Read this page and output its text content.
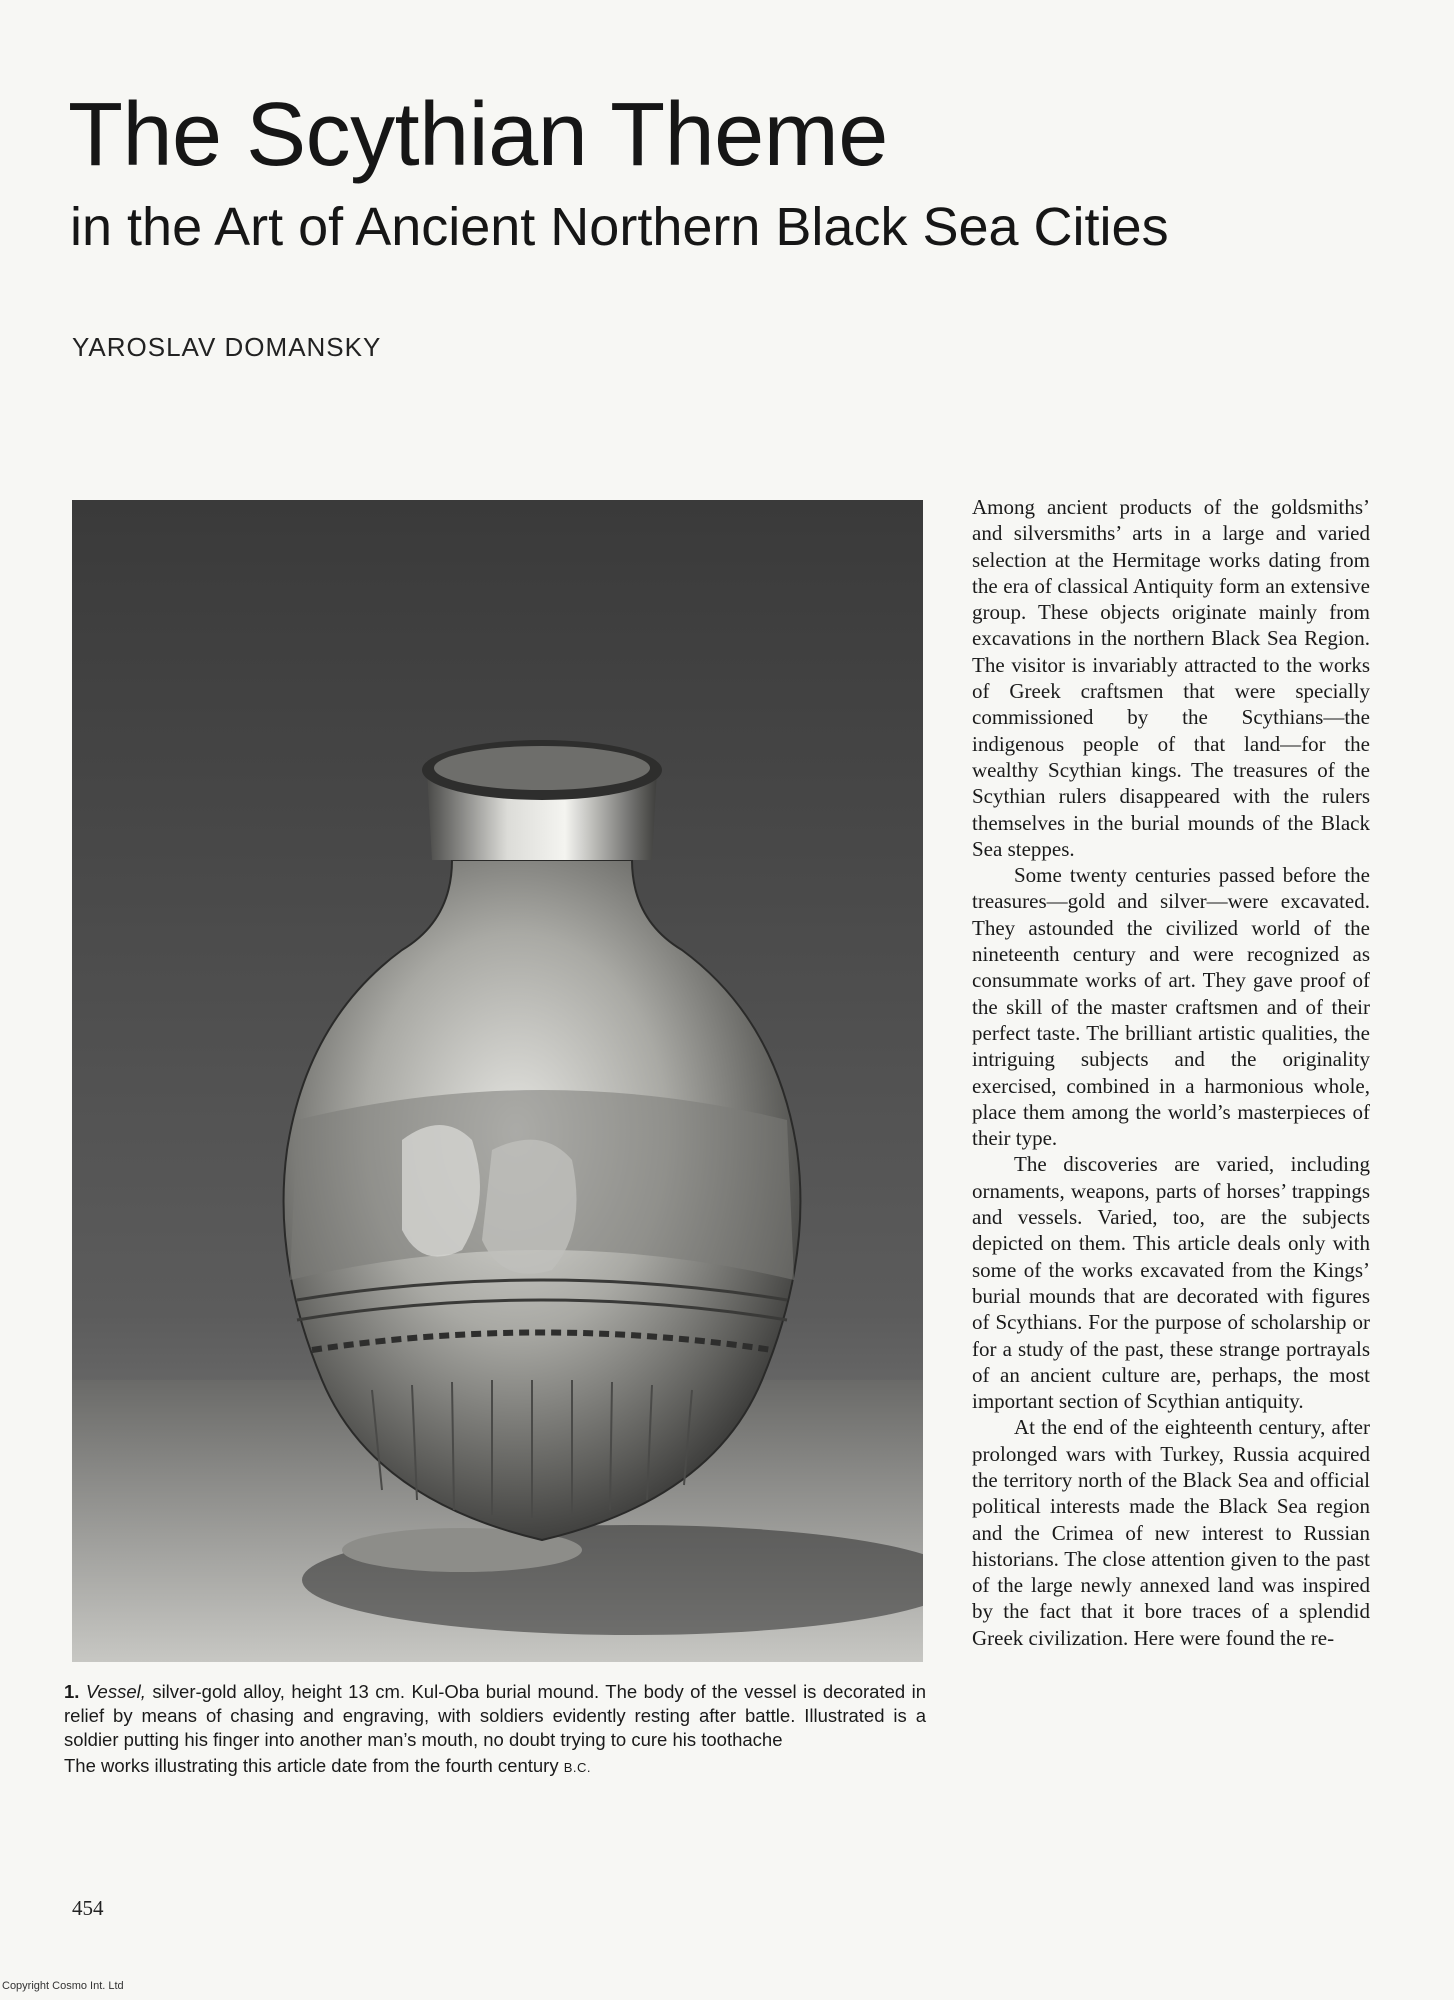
The Scythian Theme
in the Art of Ancient Northern Black Sea Cities
YAROSLAV DOMANSKY
1. Vessel, silver-gold alloy, height 13 cm. Kul-Oba burial mound. The body of the vessel is decorated in relief by means of chasing and engraving, with soldiers evidently resting after battle. Illustrated is a soldier putting his finger into another man’s mouth, no doubt trying to cure his toothache
The works illustrating this article date from the fourth century B.C.

Among ancient products of the goldsmiths’ and silversmiths’ arts in a large and varied selection at the Hermitage works dating from the era of classical Antiquity form an extensive group. These objects originate mainly from excavations in the northern Black Sea Region. The visitor is invariably attracted to the works of Greek craftsmen that were specially commissioned by the Scythians—the indigenous people of that land—for the wealthy Scythian kings. The treasures of the Scythian rulers disappeared with the rulers themselves in the burial mounds of the Black Sea steppes.

Some twenty centuries passed before the treasures—gold and silver—were excavated. They astounded the civilized world of the nineteenth century and were recognized as consummate works of art. They gave proof of the skill of the master craftsmen and of their perfect taste. The brilliant artistic qualities, the intriguing subjects and the originality exercised, combined in a harmonious whole, place them among the world’s masterpieces of their type.

The discoveries are varied, including ornaments, weapons, parts of horses’ trappings and vessels. Varied, too, are the subjects depicted on them. This article deals only with some of the works excavated from the Kings’ burial mounds that are decorated with figures of Scythians. For the purpose of scholarship or for a study of the past, these strange portrayals of an ancient culture are, perhaps, the most important section of Scythian antiquity.

At the end of the eighteenth century, after prolonged wars with Turkey, Russia acquired the territory north of the Black Sea and official political interests made the Black Sea region and the Crimea of new interest to Russian historians. The close attention given to the past of the large newly annexed land was inspired by the fact that it bore traces of a splendid Greek civilization. Here were found the re-

454
Copyright Cosmo Int. Ltd
